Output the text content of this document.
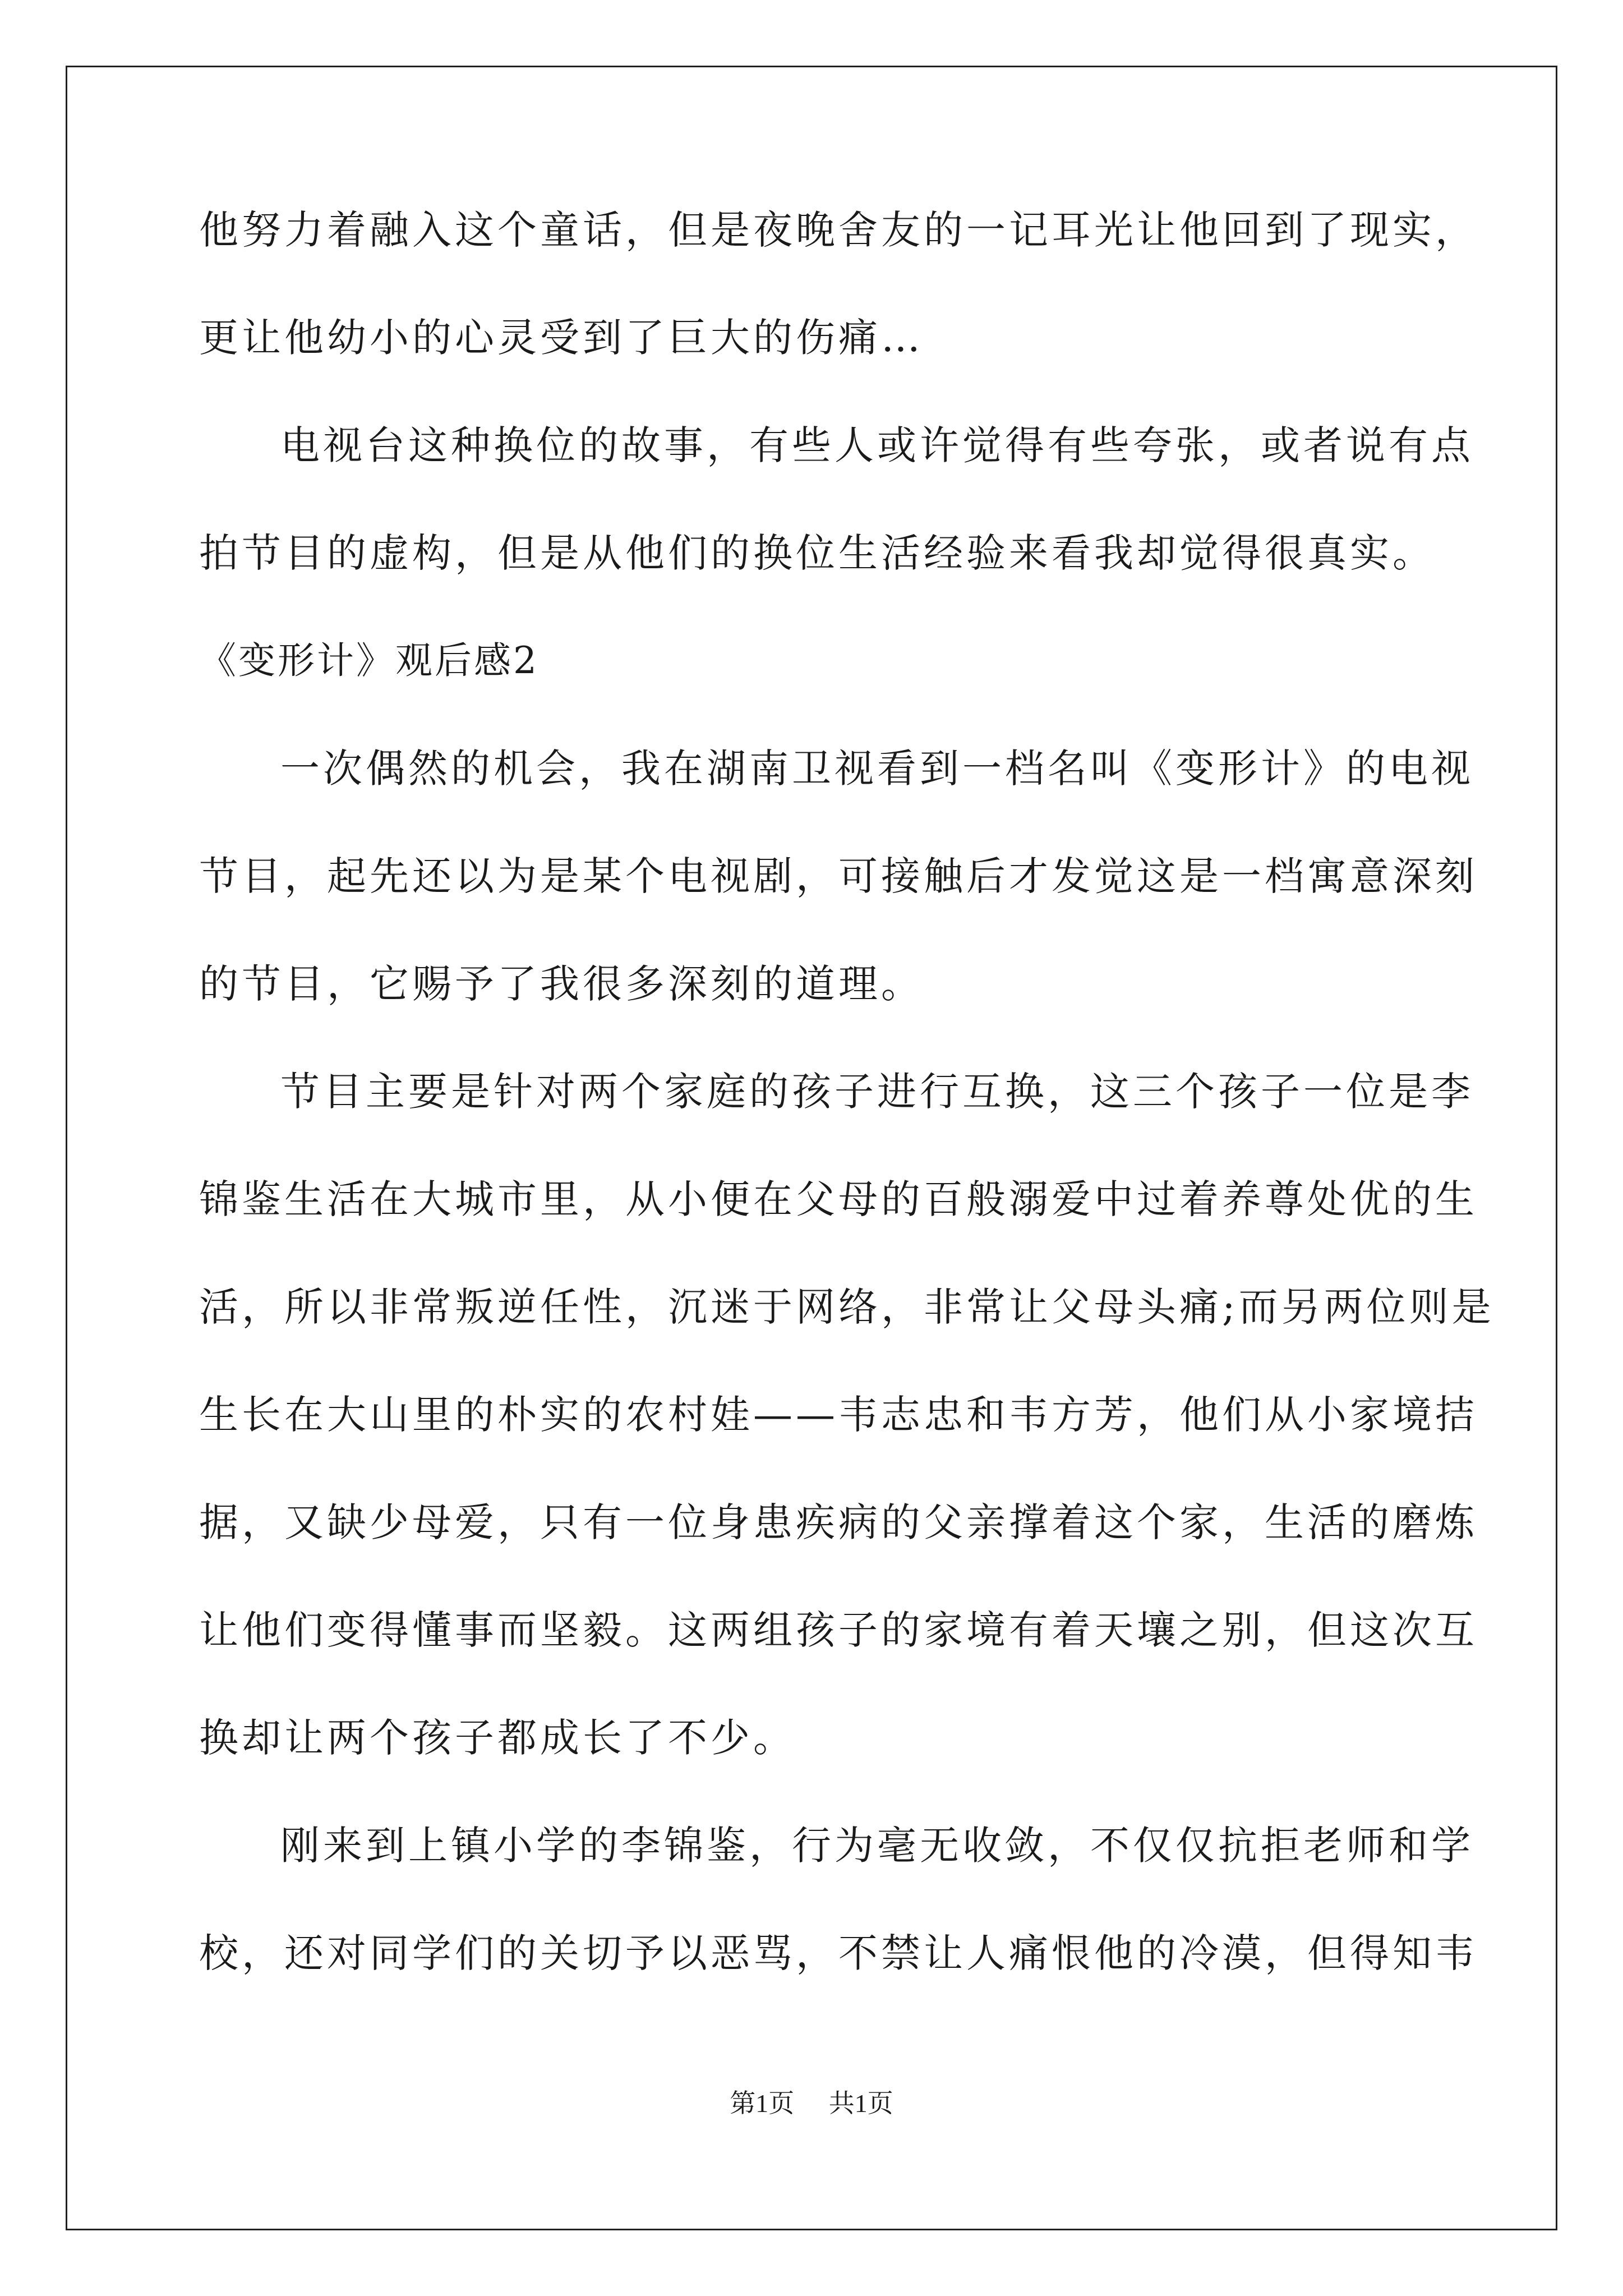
他努力着融入这个童话，但是夜晚舍友的一记耳光让他回到了现实，
更让他幼小的心灵受到了巨大的伤痛…
电视台这种换位的故事，有些人或许觉得有些夸张，或者说有点
拍节目的虚构，但是从他们的换位生活经验来看我却觉得很真实。
《变形计》观后感2
一次偶然的机会，我在湖南卫视看到一档名叫《变形计》的电视
节目，起先还以为是某个电视剧，可接触后才发觉这是一档寓意深刻
的节目，它赐予了我很多深刻的道理。
节目主要是针对两个家庭的孩子进行互换，这三个孩子一位是李
锦鉴生活在大城市里，从小便在父母的百般溺爱中过着养尊处优的生
活，所以非常叛逆任性，沉迷于网络，非常让父母头痛;而另两位则是
生长在大山里的朴实的农村娃——韦志忠和韦方芳，他们从小家境拮
据，又缺少母爱，只有一位身患疾病的父亲撑着这个家，生活的磨炼
让他们变得懂事而坚毅。这两组孩子的家境有着天壤之别，但这次互
换却让两个孩子都成长了不少。
刚来到上镇小学的李锦鉴，行为毫无收敛，不仅仅抗拒老师和学
校，还对同学们的关切予以恶骂，不禁让人痛恨他的冷漠，但得知韦
第1页 共1页
